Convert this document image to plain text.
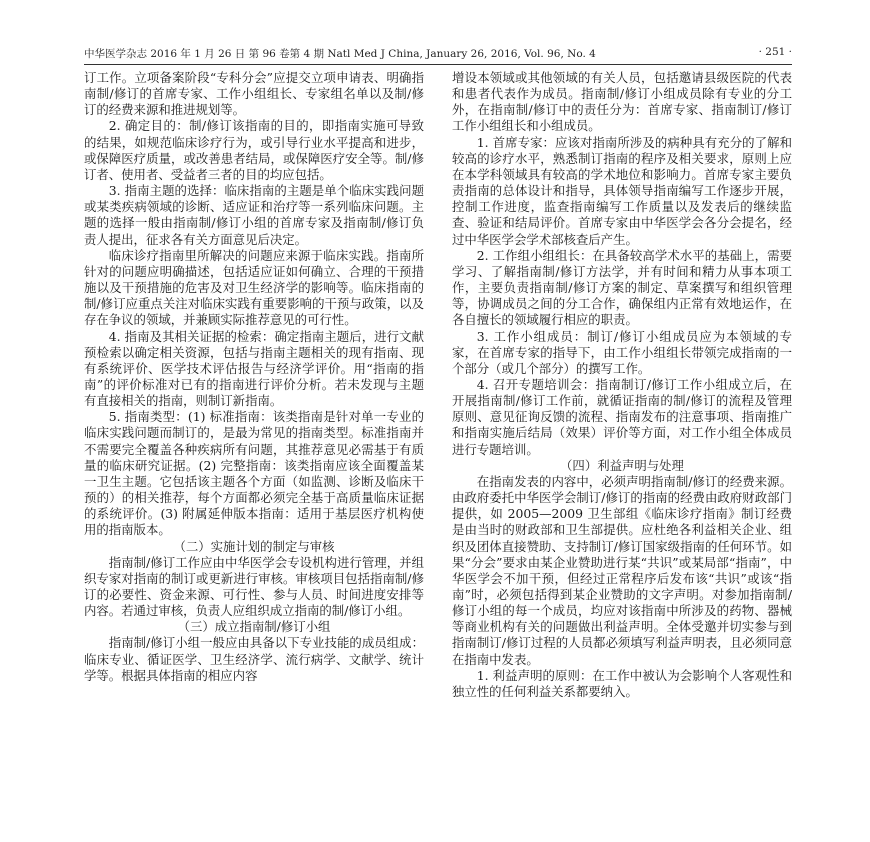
中华医学杂志 2016 年 1 月 26 日 第 96 卷第 4 期 Natl Med J China, January 26, 2016, Vol. 96, No. 4	· 251 ·

订工作。立项备案阶段“专科分会”应提交立项申请表、明确指南制/修订的首席专家、工作小组组长、专家组名单以及制/修订的经费来源和推进规划等。

2. 确定目的：制/修订该指南的目的，即指南实施可导致的结果，如规范临床诊疗行为，或引导行业水平提高和进步，或保障医疗质量，或改善患者结局，或保障医疗安全等。制/修订者、使用者、受益者三者的目的均应包括。

3. 指南主题的选择：临床指南的主题是单个临床实践问题或某类疾病领域的诊断、适应证和治疗等一系列临床问题。主题的选择一般由指南制/修订小组的首席专家及指南制/修订负责人提出，征求各有关方面意见后决定。

临床诊疗指南里所解决的问题应来源于临床实践。指南所针对的问题应明确描述，包括适应证如何确立、合理的干预措施以及干预措施的危害及对卫生经济学的影响等。临床指南的制/修订应重点关注对临床实践有重要影响的干预与政策，以及存在争议的领域，并兼顾实际推荐意见的可行性。

4. 指南及其相关证据的检索：确定指南主题后，进行文献预检索以确定相关资源，包括与指南主题相关的现有指南、现有系统评价、医学技术评估报告与经济学评价。用“指南的指南”的评价标准对已有的指南进行评价分析。若未发现与主题有直接相关的指南，则制订新指南。

5. 指南类型：(1) 标准指南：该类指南是针对单一专业的临床实践问题而制订的，是最为常见的指南类型。标准指南并不需要完全覆盖各种疾病所有问题，其推荐意见必需基于有质量的临床研究证据。(2) 完整指南：该类指南应该全面覆盖某一卫生主题。它包括该主题各个方面（如监测、诊断及临床干预的）的相关推荐，每个方面都必须完全基于高质量临床证据的系统评价。(3) 附属延伸版本指南：适用于基层医疗机构使用的指南版本。

（二）实施计划的制定与审核

指南制/修订工作应由中华医学会专设机构进行管理，并组织专家对指南的制订或更新进行审核。审核项目包括指南制/修订的必要性、资金来源、可行性、参与人员、时间进度安排等内容。若通过审核，负责人应组织成立指南的制/修订小组。

（三）成立指南制/修订小组

指南制/修订小组一般应由具备以下专业技能的成员组成：临床专业、循证医学、卫生经济学、流行病学、文献学、统计学等。根据具体指南的相应内容

增设本领域或其他领域的有关人员，包括邀请县级医院的代表和患者代表作为成员。指南制/修订小组成员除有专业的分工外，在指南制/修订中的责任分为：首席专家、指南制订/修订工作小组组长和小组成员。

1. 首席专家：应该对指南所涉及的病种具有充分的了解和较高的诊疗水平，熟悉制订指南的程序及相关要求，原则上应在本学科领域具有较高的学术地位和影响力。首席专家主要负责指南的总体设计和指导，具体领导指南编写工作逐步开展，控制工作进度，监查指南编写工作质量以及发表后的继续监查、验证和结局评价。首席专家由中华医学会各分会提名，经过中华医学会学术部核查后产生。

2. 工作组小组组长：在具备较高学术水平的基础上，需要学习、了解指南制/修订方法学，并有时间和精力从事本项工作，主要负责指南制/修订方案的制定、草案撰写和组织管理等，协调成员之间的分工合作，确保组内正常有效地运作，在各自擅长的领域履行相应的职责。

3. 工作小组成员：制订/修订小组成员应为本领域的专家，在首席专家的指导下，由工作小组组长带领完成指南的一个部分（或几个部分）的撰写工作。

4. 召开专题培训会：指南制订/修订工作小组成立后，在开展指南制/修订工作前，就循证指南的制/修订的流程及管理原则、意见征询反馈的流程、指南发布的注意事项、指南推广和指南实施后结局（效果）评价等方面，对工作小组全体成员进行专题培训。

（四）利益声明与处理

在指南发表的内容中，必须声明指南制/修订的经费来源。由政府委托中华医学会制订/修订的指南的经费由政府财政部门提供，如 2005—2009 卫生部组《临床诊疗指南》制订经费是由当时的财政部和卫生部提供。应杜绝各利益相关企业、组织及团体直接赞助、支持制订/修订国家级指南的任何环节。如果“分会”要求由某企业赞助进行某“共识”或某局部“指南”，中华医学会不加干预，但经过正常程序后发布该“共识”或该“指南”时，必须包括得到某企业赞助的文字声明。对参加指南制/修订小组的每一个成员，均应对该指南中所涉及的药物、器械等商业机构有关的问题做出利益声明。全体受邀并切实参与到指南制订/修订过程的人员都必须填写利益声明表，且必须同意在指南中发表。

1. 利益声明的原则：在工作中被认为会影响个人客观性和独立性的任何利益关系都要纳入。
